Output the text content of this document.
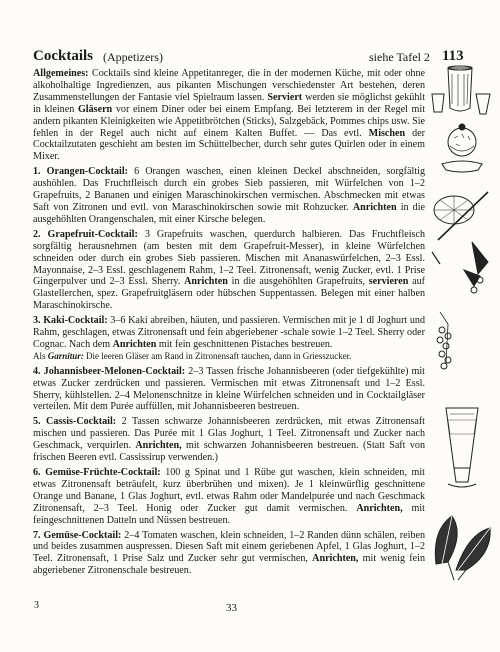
Cocktails (Appetizers)	siehe Tafel 2 113

Allgemeines: Cocktails sind kleine Appetitanreger, die in der modernen Küche, mit oder ohne alkoholhaltige Ingredienzen, aus pikanten Mischungen verschiedenster Art bestehen, deren Zusammenstellungen der Fantasie viel Spielraum lassen. Serviert werden sie möglichst gekühlt in kleinen Gläsern vor einem Diner oder bei einem Empfang. Bei letzterem in der Regel mit andern pikanten Kleinigkeiten wie Appetitbrötchen (Sticks), Salzgebäck, Pommes chips usw. Sie fehlen in der Regel auch nicht auf einem Kalten Buffet. — Das evtl. Mischen der Cocktailzutaten geschieht am besten im Schüttelbecher, durch sehr gutes Quirlen oder in einem Mixer.

1. Orangen-Cocktail: 6 Orangen waschen, einen kleinen Deckel abschneiden, sorgfältig aushöhlen. Das Fruchtfleisch durch ein grobes Sieb passieren, mit Würfelchen von 1–2 Grapefruits, 2 Bananen und einigen Maraschinokirschen vermischen. Abschmecken mit etwas Saft von Zitronen und evtl. von Maraschinokirschen sowie mit Rohzucker. Anrichten in die ausgehöhlten Orangenschalen, mit einer Kirsche belegen.

2. Grapefruit-Cocktail: 3 Grapefruits waschen, querdurch halbieren. Das Fruchtfleisch sorgfältig herausnehmen (am besten mit dem Grapefruit-Messer), in kleine Würfelchen schneiden oder durch ein grobes Sieb passieren. Mischen mit Ananaswürfelchen, 2–3 Essl. Mayonnaise, 2–3 Essl. geschlagenem Rahm, 1–2 Teel. Zitronensaft, wenig Zucker, evtl. 1 Prise Gingerpulver und 2–3 Essl. Sherry. Anrichten in die ausgehöhlten Grapefruits, servieren auf Glastellerchen, spez. Grapefruitgläsern oder hübschen Suppentassen. Belegen mit einer halben Maraschinokirsche.

3. Kaki-Cocktail: 3–6 Kaki abreiben, häuten, und passieren. Vermischen mit je 1 dl Joghurt und Rahm, geschlagen, etwas Zitronensaft und fein abgeriebener -schale sowie 1–2 Teel. Sherry oder Cognac. Nach dem Anrichten mit fein geschnittenen Pistaches bestreuen.
Als Garnitur: Die leeren Gläser am Rand in Zitronensaft tauchen, dann in Griesszucker.

4. Johannisbeer-Melonen-Cocktail: 2–3 Tassen frische Johannisbeeren (oder tiefgekühlte) mit etwas Zucker zerdrücken und passieren. Vermischen mit etwas Zitronensaft und 1–2 Essl. Sherry, kühlstellen. 2–4 Melonenschnitze in kleine Würfelchen schneiden und in Cocktailgläser verteilen. Mit dem Purée auffüllen, mit Johannisbeeren bestreuen.

5. Cassis-Cocktail: 2 Tassen schwarze Johannisbeeren zerdrücken, mit etwas Zitronensaft mischen und passieren. Das Purée mit 1 Glas Joghurt, 1 Teel. Zitronensaft und Zucker nach Geschmack, verquirlen. Anrichten, mit schwarzen Johannisbeeren bestreuen. (Statt Saft von frischen Beeren evtl. Cassissirup verwenden.)

6. Gemüse-Früchte-Cocktail: 100 g Spinat und 1 Rübe gut waschen, klein schneiden, mit etwas Zitronensaft beträufelt, kurz überbrühen und mixen). Je 1 kleinwürflig geschnittene Orange und Banane, 1 Glas Joghurt, evtl. etwas Rahm oder Mandelpurée und nach Geschmack Zitronensaft, 2–3 Teel. Honig oder Zucker gut damit vermischen. Anrichten, mit feingeschnittenen Datteln und Nüssen bestreuen.

7. Gemüse-Cocktail: 2–4 Tomaten waschen, klein schneiden, 1–2 Randen dünn schälen, reiben und beides zusammen auspressen. Diesen Saft mit einem geriebenen Apfel, 1 Glas Joghurt, 1–2 Teel. Zitronensaft, 1 Prise Salz und Zucker sehr gut vermischen, Anrichten, mit wenig fein abgeriebener Zitronenschale bestreuen.

3	33
